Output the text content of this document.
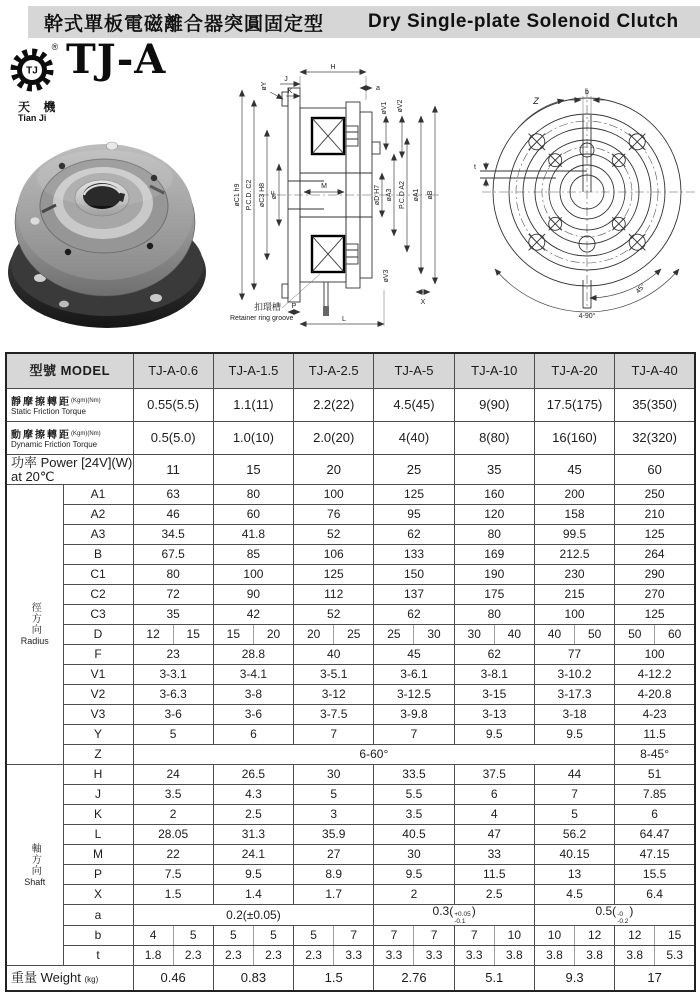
幹式單板電磁離合器突圓固定型 Dry Single-plate Solenoid Clutch
TJ
® TJ-A
天 機
Tian Ji
H
J
K
øY	a
øV1 øV2
øC1 h9 P.C.D. C2 øC3 H8 øF
M	øD H7 øA3 P.C.D A2 øA1 øB
øV3
X
P
L
扣環槽
Retainer ring groove
b
Z
t
45°
4-90°
型號 MODEL		TJ-A-0.6		TJ-A-1.5		TJ-A-2.5		TJ-A-5		TJ-A-10		TJ-A-20		TJ-A-40	

靜摩擦轉距$^{(Kgm)(Nm)}$
Static Friction Torque		0.55(5.5)		1.1(11)		2.2(22)		4.5(45)		9(90)		17.5(175)		35(350)	

動摩擦轉距$^{(Kgm)(Nm)}$
Dynamic Friction Torque		0.5(5.0)		1.0(10)		2.0(20)		4(40)		8(80)		16(160)		32(320)	
功率 Power [24V](W) at 20℃		11		15		20		25		35		45		60	

徑方向
Radius	A1	63		80		100		125		160		200		250	
	A2	46		60		76		95		120		158		210	
	A3	34.5		41.8		52		62		80		99.5		125	
	B	67.5		85		106		133		169		212.5		264	
	C1	80		100		125		150		190		230		290	
	C2	72		90		112		137		175		215		270	
	C3	35		42		52		62		80		100		125	
	D	12	15	15	20	20	25	25	30	30	40	40	50	50	60
	F	23		28.8		40		45		62		77		100	
	V1	3-3.1		3-4.1		3-5.1		3-6.1		3-8.1		3-10.2		4-12.2	
	V2	3-6.3		3-8		3-12		3-12.5		3-15		3-17.3		4-20.8	
	V3	3-6		3-6		3-7.5		3-9.8		3-13		3-18		4-23	
	Y	5		6		7		7		9.5		9.5		11.5	
	Z	6-60°												8-45°	

軸方向
Shaft	H	24		26.5		30		33.5		37.5		44		51	
	J	3.5		4.3		5		5.5		6		7		7.85	
	K	2		2.5		3		3.5		4		5		6	
	L	28.05		31.3		35.9		40.5		47		56.2		64.47	
	M	22		24.1		27		30		33		40.15		47.15	
	P	7.5		9.5		8.9		9.5		11.5		13		15.5	
	X	1.5		1.4		1.7		2		2.5		4.5		6.4	
	a	0.2(±0.05)						0.3( +0.05
-0.1
)				0.5( -0
-0.2
)			
	b	4	5	5	5	5	7	7	7	7	10	10	12	12	15
	t	1.8	2.3	2.3	2.3	2.3	3.3	3.3	3.3	3.3	3.8	3.8	3.8	3.8	5.3
重量 Weight (kg)		0.46		0.83		1.5		2.76		5.1		9.3		17	
